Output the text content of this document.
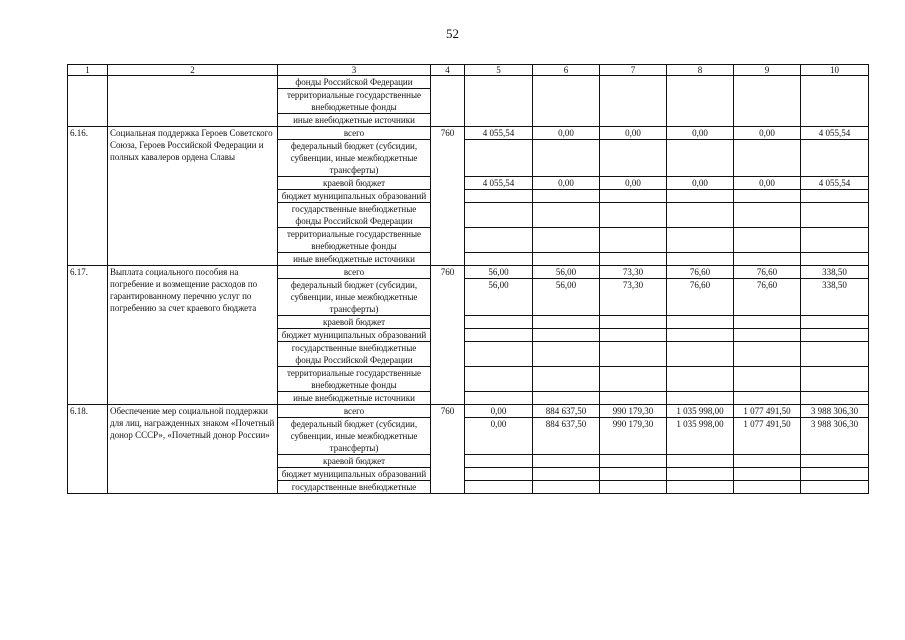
52
1	2	3	4	5	6	7	8	9	10
		фонды Российской Федерации							
		территориальные государственные внебюджетные фонды							
		иные внебюджетные источники							
6.16.	Социальная поддержка Героев Советского Союза, Героев Российской Федерации и полных кавалеров ордена Славы	всего	760	4 055,54	0,00	0,00	0,00	0,00	4 055,54
		федеральный бюджет (субсидии, субвенции, иные межбюджетные трансферты)							
		краевой бюджет		4 055,54	0,00	0,00	0,00	0,00	4 055,54
		бюджет муниципальных образований							
		государственные внебюджетные фонды Российской Федерации							
		территориальные государственные внебюджетные фонды							
		иные внебюджетные источники							
6.17.	Выплата социального пособия на погребение и возмещение расходов по гарантированному перечню услуг по погребению за счет краевого бюджета	всего	760	56,00	56,00	73,30	76,60	76,60	338,50
		федеральный бюджет (субсидии, субвенции, иные межбюджетные трансферты)		56,00	56,00	73,30	76,60	76,60	338,50
		краевой бюджет							
		бюджет муниципальных образований							
		государственные внебюджетные фонды Российской Федерации							
		территориальные государственные внебюджетные фонды							
		иные внебюджетные источники							
6.18.	Обеспечение мер социальной поддержки для лиц, награжденных знаком «Почетный донор СССР», «Почетный донор России»	всего	760	0,00	884 637,50	990 179,30	1 035 998,00	1 077 491,50	3 988 306,30
		федеральный бюджет (субсидии, субвенции, иные межбюджетные трансферты)		0,00	884 637,50	990 179,30	1 035 998,00	1 077 491,50	3 988 306,30
		краевой бюджет							
		бюджет муниципальных образований							
		государственные внебюджетные							
